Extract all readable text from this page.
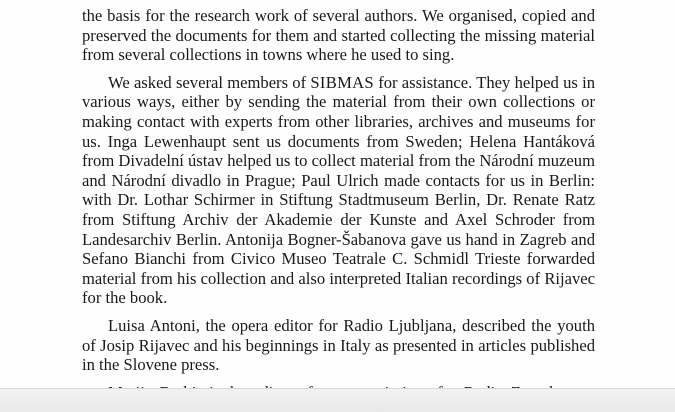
the basis for the research work of several authors. We organised, copied and preserved the documents for them and started collecting the missing material from several collections in towns where he used to sing.

We asked several members of SIBMAS for assistance. They helped us in various ways, either by sending the material from their own collections or making contact with experts from other libraries, archives and museums for us. Inga Lewenhaupt sent us documents from Sweden; Helena Hantáková from Divadelní ústav helped us to collect material from the Národní muzeum and Národní divadlo in Prague; Paul Ulrich made contacts for us in Berlin: with Dr. Lothar Schirmer in Stiftung Stadtmuseum Berlin, Dr. Renate Ratz from Stiftung Archiv der Akademie der Kunste and Axel Schroder from Landesarchiv Berlin. Antonija Bogner-Šabanova gave us hand in Zagreb and Sefano Bianchi from Civico Museo Teatrale C. Schmidl Trieste forwarded material from his collection and also interpreted Italian recordings of Rijavec for the book.

Luisa Antoni, the opera editor for Radio Ljubljana, described the youth of Josip Rijavec and his beginnings in Italy as presented in articles published in the Slovene press.
